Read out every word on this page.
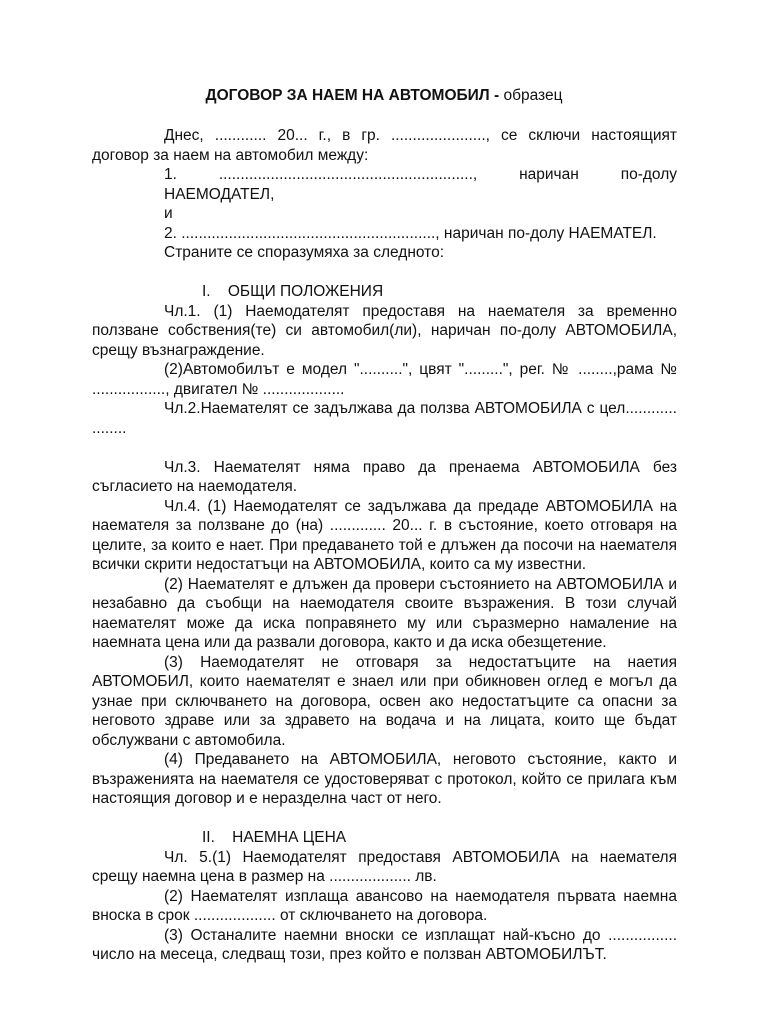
ДОГОВОР ЗА НАЕМ НА АВТОМОБИЛ - образец

Днес, ............ 20... г., в гр. ......................, се сключи настоящият договор за наем на автомобил между:

1. ..........................................................., наричан по-долу НАЕМОДАТЕЛ,

и

2. ..........................................................., наричан по-долу НАЕМАТЕЛ.

Страните се споразумяха за следното:

I.    ОБЩИ ПОЛОЖЕНИЯ

Чл.1. (1) Наемодателят предоставя на наемателя за временно ползване собствения(те) си автомобил(ли), наричан по-долу АВТОМОБИЛА, срещу възнаграждение.

(2)Автомобилът е модел "..........", цвят ".........", рег. № ........,рама № ................., двигател № ...................

Чл.2.Наемателят се задължава да ползва АВТОМОБИЛА с цел............ ........

Чл.3. Наемателят няма право да пренаема АВТОМОБИЛА без съгласието на наемодателя.

Чл.4. (1) Наемодателят се задължава да предаде АВТОМОБИЛА на наемателя за ползване до (на) ............. 20... г. в състояние, което отговаря на целите, за които е нает. При предаването той е длъжен да посочи на наемателя всички скрити недостатъци на АВТОМОБИЛА, които са му известни.

(2) Наемателят е длъжен да провери състоянието на АВТОМОБИЛА и незабавно да съобщи на наемодателя своите възражения. В този случай наемателят може да иска поправянето му или съразмерно намаление на наемната цена или да развали договора, както и да иска обезщетение.

(3) Наемодателят не отговаря за недостатъците на наетия АВТОМОБИЛ, които наемателят е знаел или при обикновен оглед е могъл да узнае при сключването на договора, освен ако недостатъците са опасни за неговото здраве или за здравето на водача и на лицата, които ще бъдат обслужвани с автомобила.

(4) Предаването на АВТОМОБИЛА, неговото състояние, както и възраженията на наемателя се удостоверяват с протокол, който се прилага към настоящия договор и е неразделна част от него.

II.    НАЕМНА ЦЕНА

Чл. 5.(1) Наемодателят предоставя АВТОМОБИЛА на наемателя срещу наемна цена в размер на ................... лв.

(2) Наемателят изплаща авансово на наемодателя първата наемна вноска в срок ................... от сключването на договора.

(3) Останалите наемни вноски се изплащат най-късно до ................ число на месеца, следващ този, през който е ползван АВТОМОБИЛЪТ.
